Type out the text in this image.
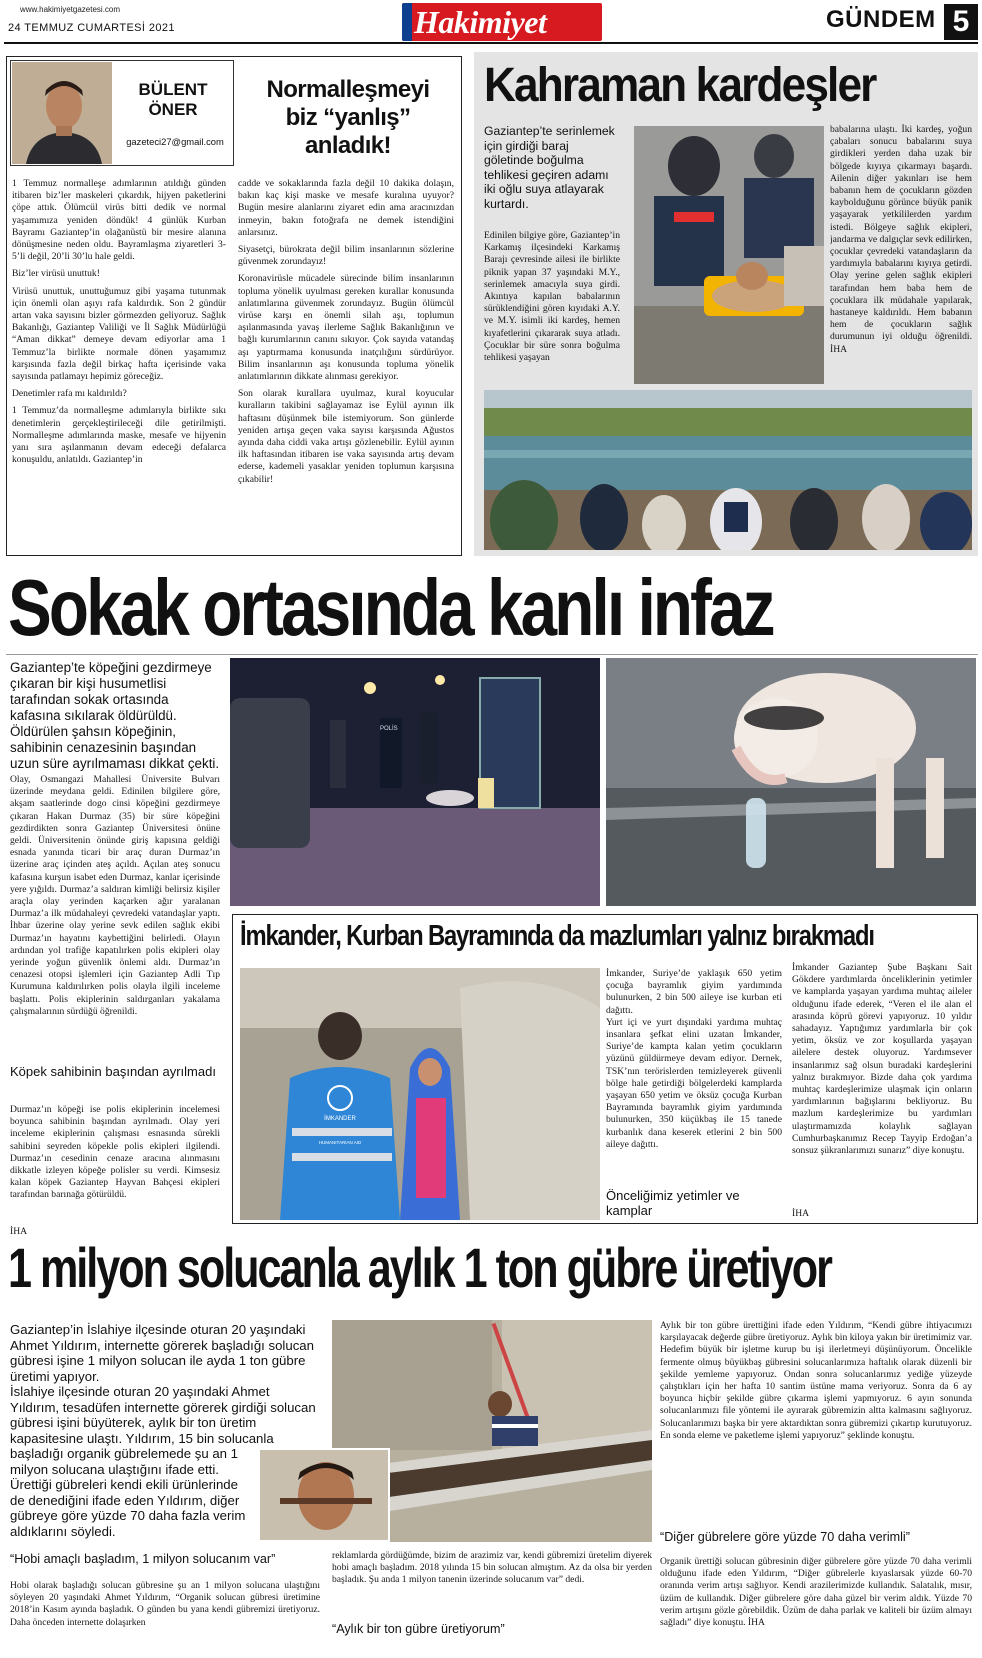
www.hakimiyetgazetesi.com
24 TEMMUZ CUMARTESİ 2021	Hakimiyet	GÜNDEM 5
BÜLENT
ÖNER
gazeteci27@gmail.com
Normalleşmeyi
biz “yanlış”
anladık!

1 Temmuz normalleşe adımlarının atıldığı günden itibaren biz’ler maskeleri çıkardık, hijyen paketlerini çöpe attık. Ölümcül virüs bitti dedik ve normal yaşamımıza yeniden döndük! 4 günlük Kurban Bayramı Gaziantep’in olağanüstü bir mesire alanına dönüşmesine neden oldu. Bayramlaşma ziyaretleri 3-5’li değil, 20’li 30’lu hale geldi.

Biz’ler virüsü unuttuk!

Virüsü unuttuk, unuttuğumuz gibi yaşama tutunmak için önemli olan aşıyı rafa kaldırdık. Son 2 gündür artan vaka sayısını bizler görmezden geliyoruz. Sağlık Bakanlığı, Gaziantep Valiliği ve İl Sağlık Müdürlüğü “Aman dikkat” demeye devam ediyorlar ama 1 Temmuz’la birlikte normale dönen yaşamımız karşısında fazla değil birkaç hafta içerisinde vaka sayısında patlamayı hepimiz göreceğiz.

Denetimler rafa mı kaldırıldı?

1 Temmuz’da normalleşme adımlarıyla birlikte sıkı denetimlerin gerçekleştirileceği dile getirilmişti. Normalleşme adımlarında maske, mesafe ve hijyenin yanı sıra aşılanmanın devam edeceği defalarca konuşuldu, anlatıldı. Gaziantep’in

cadde ve sokaklarında fazla değil 10 dakika dolaşın, bakın kaç kişi maske ve mesafe kuralına uyuyor? Bugün mesire alanlarını ziyaret edin ama aracınızdan inmeyin, bakın fotoğrafa ne demek istendiğini anlarsınız.

Siyasetçi, bürokrata değil bilim insanlarının sözlerine güvenmek zorundayız!

Koronavirüsle mücadele sürecinde bilim insanlarının topluma yönelik uyulması gereken kurallar konusunda anlatımlarına güvenmek zorundayız. Bugün ölümcül virüse karşı en önemli silah aşı, toplumun aşılanmasında yavaş ilerleme Sağlık Bakanlığının ve bağlı kurumlarının canını sıkıyor. Çok sayıda vatandaş aşı yaptırmama konusunda inatçılığını sürdürüyor. Bilim insanlarının aşı konusunda topluma yönelik anlatımlarının dikkate alınması gerekiyor.

Son olarak kurallara uyulmaz, kural koyucular kuralların takibini sağlayamaz ise Eylül ayının ilk haftasını düşünmek bile istemiyorum. Son günlerde yeniden artışa geçen vaka sayısı karşısında Ağustos ayında daha ciddi vaka artışı gözlenebilir. Eylül ayının ilk haftasından itibaren ise vaka sayısında artış devam ederse, kademeli yasaklar yeniden toplumun karşısına çıkabilir!

Kahraman kardeşler
Gaziantep’te serinlemek için girdiği baraj göletinde boğulma tehlikesi geçiren adamı iki oğlu suya atlayarak kurtardı.
Edinilen bilgiye göre, Gaziantep’in Karkamış ilçesindeki Karkamış Barajı çevresinde ailesi ile birlikte piknik yapan 37 yaşındaki M.Y., serinlemek amacıyla suya girdi. Akıntıya kapılan babalarının sürüklendiğini gören kıyıdaki A.Y. ve M.Y. isimli iki kardeş, hemen kıyafetlerini çıkararak suya atladı. Çocuklar bir süre sonra boğulma tehlikesi yaşayan
babalarına ulaştı. İki kardeş, yoğun çabaları sonucu babalarını suya girdikleri yerden daha uzak bir bölgede kıyıya çıkarmayı başardı. Ailenin diğer yakınları ise hem babanın hem de çocukların gözden kaybolduğunu görünce büyük panik yaşayarak yetkililerden yardım istedi. Bölgeye sağlık ekipleri, jandarma ve dalgıçlar sevk edilirken, çocuklar çevredeki vatandaşların da yardımıyla babalarını kıyıya getirdi. Olay yerine gelen sağlık ekipleri tarafından hem baba hem de çocuklara ilk müdahale yapılarak, hastaneye kaldırıldı. Hem babanın hem de çocukların sağlık durumunun iyi olduğu öğrenildi. İHA
Sokak ortasında kanlı infaz
Gaziantep’te köpeğini gezdirmeye çıkaran bir kişi husumetlisi tarafından sokak ortasında kafasına sıkılarak öldürüldü. Öldürülen şahsın köpeğinin, sahibinin cenazesinin başından uzun süre ayrılmaması dikkat çekti.
POLİS
Olay, Osmangazi Mahallesi Üniversite Bulvarı üzerinde meydana geldi. Edinilen bilgilere göre, akşam saatlerinde dogo cinsi köpeğini gezdirmeye çıkaran Hakan Durmaz (35) bir süre köpeğini gezdirdikten sonra Gaziantep Üniversitesi önüne geldi. Üniversitenin önünde giriş kapısına geldiği esnada yanında ticari bir araç duran Durmaz’ın üzerine araç içinden ateş açıldı. Açılan ateş sonucu kafasına kurşun isabet eden Durmaz, kanlar içerisinde yere yığıldı. Durmaz’a saldıran kimliği belirsiz kişiler araçla olay yerinden kaçarken ağır yaralanan Durmaz’a ilk müdahaleyi çevredeki vatandaşlar yaptı. İhbar üzerine olay yerine sevk edilen sağlık ekibi Durmaz’ın hayatını kaybettiğini belirledi. Olayın ardından yol trafiğe kapatılırken polis ekipleri olay yerinde yoğun güvenlik önlemi aldı. Durmaz’ın cenazesi otopsi işlemleri için Gaziantep Adli Tıp Kurumuna kaldırılırken polis olayla ilgili inceleme başlattı. Polis ekiplerinin saldırganları yakalama çalışmalarının sürdüğü öğrenildi.
Köpek sahibinin başından ayrılmadı
Durmaz’ın köpeği ise polis ekiplerinin incelemesi boyunca sahibinin başından ayrılmadı. Olay yeri inceleme ekiplerinin çalışması esnasında sürekli sahibini seyreden köpekle polis ekipleri ilgilendi. Durmaz’ın cesedinin cenaze aracına alınmasını dikkatle izleyen köpeğe polisler su verdi. Kimsesiz kalan köpek Gaziantep Hayvan Bahçesi ekipleri tarafından barınağa götürüldü.
İHA
İmkander, Kurban Bayramında da mazlumları yalnız bırakmadı
İMKANDER
HUMANITARIAN AID

İmkander, Suriye’de yaklaşık 650 yetim çocuğa bayramlık giyim yardımında bulunurken, 2 bin 500 aileye ise kurban eti dağıttı.

Yurt içi ve yurt dışındaki yardıma muhtaç insanlara şefkat elini uzatan İmkander, Suriye’de kampta kalan yetim çocukların yüzünü güldürmeye devam ediyor. Dernek, TSK’nın terörislerden temizleyerek güvenli bölge hale getirdiği bölgelerdeki kamplarda yaşayan 650 yetim ve öksüz çocuğa Kurban Bayramında bayramlık giyim yardımında bulunurken, 350 küçükbaş ile 15 tanede kurbanlık dana keserek etlerini 2 bin 500 aileye dağıttı.

Önceliğimiz yetimler ve kamplar
İmkander Gaziantep Şube Başkanı Sait Gökdere yardımlarda önceliklerinin yetimler ve kamplarda yaşayan yardıma muhtaç aileler olduğunu ifade ederek, “Veren el ile alan el arasında köprü görevi yapıyoruz. 10 yıldır sahadayız. Yaptığımız yardımlarla bir çok yetim, öksüz ve zor koşullarda yaşayan ailelere destek oluyoruz. Yardımsever insanlarımız sağ olsun buradaki kardeşlerini yalnız bırakmıyor. Bizde daha çok yardıma muhtaç kardeşlerimize ulaşmak için onların yardımlarının bağışlarını bekliyoruz. Bu mazlum kardeşlerimize bu yardımları ulaştırmamızda kolaylık sağlayan Cumhurbaşkanımız Recep Tayyip Erdoğan’a sonsuz şükranlarımızı sunarız” diye konuştu.
İHA
1 milyon solucanla aylık 1 ton gübre üretiyor
Gaziantep’in İslahiye ilçesinde oturan 20 yaşındaki Ahmet Yıldırım, internette görerek başladığı solucan gübresi işine 1 milyon solucan ile ayda 1 ton gübre üretimi yapıyor.
İslahiye ilçesinde oturan 20 yaşındaki Ahmet Yıldırım, tesadüfen internette görerek girdiği solucan gübresi işini büyüterek, aylık bir ton üretim kapasitesine ulaştı. Yıldırım, 15 bin solucanla
başladığı organik gübrelemede şu an 1 milyon solucana ulaştığını ifade etti. Ürettiği gübreleri kendi ekili ürünlerinde de denediğini ifade eden Yıldırım, diğer gübreye göre yüzde 70 daha fazla verim aldıklarını söyledi.
“Hobi amaçlı başladım, 1 milyon solucanım var”
Hobi olarak başladığı solucan gübresine şu an 1 milyon solucana ulaştığını söyleyen 20 yaşındaki Ahmet Yıldırım, “Organik solucan gübresi üretimine 2018’in Kasım ayında başladık. O günden bu yana kendi gübremizi üretiyoruz. Daha önceden internette dolaşırken
reklamlarda gördüğümde, bizim de arazimiz var, kendi gübremizi üretelim diyerek hobi amaçlı başladım. 2018 yılında 15 bin solucan almıştım. Az da olsa bir yerden başladık. Şu anda 1 milyon tanenin üzerinde solucanım var” dedi.
“Aylık bir ton gübre üretiyorum”
Aylık bir ton gübre ürettiğini ifade eden Yıldırım, “Kendi gübre ihtiyacımızı karşılayacak değerde gübre üretiyoruz. Aylık bin kiloya yakın bir üretimimiz var. Hedefim büyük bir işletme kurup bu işi ilerletmeyi düşünüyorum. Öncelikle fermente olmuş büyükbaş gübresini solucanlarımıza haftalık olarak düzenli bir şekilde yemleme yapıyoruz. Ondan sonra solucanlarımız yediğe yüzeyde çalıştıkları için her hafta 10 santim üstüne mama veriyoruz. Sonra da 6 ay boyunca hiçbir şekilde gübre çıkarma işlemi yapmıyoruz. 6 ayın sonunda solucanlarımızı file yöntemi ile ayırarak gübremizin altta kalmasını sağlıyoruz. Solucanlarımızı başka bir yere aktardıktan sonra gübremizi çıkartıp kurutuyoruz. En sonda eleme ve paketleme işlemi yapıyoruz” şeklinde konuştu.
“Diğer gübrelere göre yüzde 70 daha verimli”
Organik ürettiği solucan gübresinin diğer gübrelere göre yüzde 70 daha verimli olduğunu ifade eden Yıldırım, “Diğer gübrelerle kıyaslarsak yüzde 60-70 oranında verim artışı sağlıyor. Kendi arazilerimizde kullandık. Salatalık, mısır, üzüm de kullandık. Diğer gübrelere göre daha güzel bir verim aldık. Yüzde 70 verim artışını gözle görebildik. Üzüm de daha parlak ve kaliteli bir üzüm almayı sağladı” diye konuştu. İHA
